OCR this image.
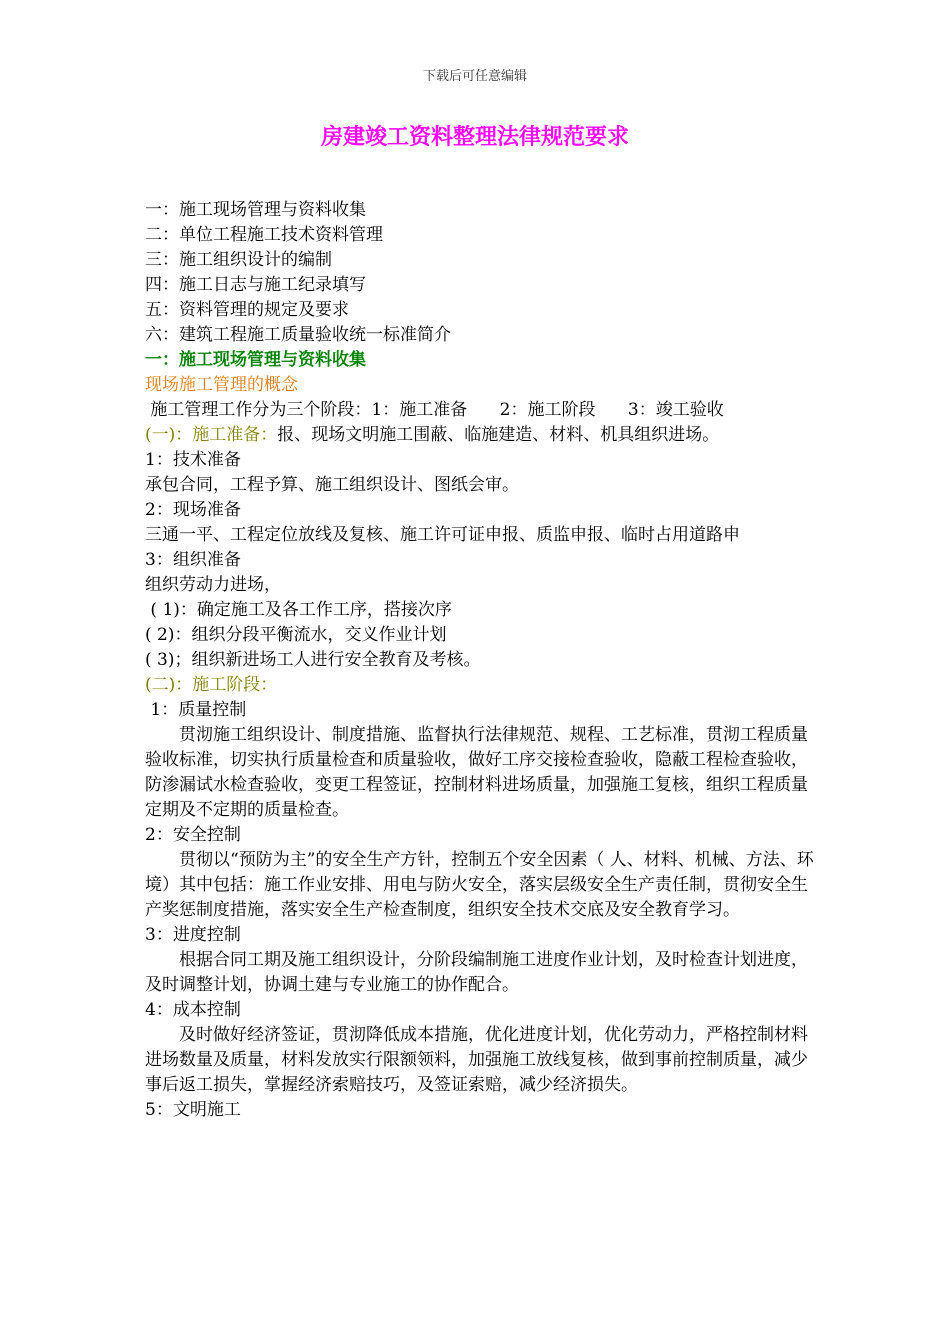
下载后可任意编辑
房建竣工资料整理法律规范要求
一：施工现场管理与资料收集
二：单位工程施工技术资料管理
三：施工组织设计的编制
四：施工日志与施工纪录填写
五：资料管理的规定及要求
六：建筑工程施工质量验收统一标准简介
一：施工现场管理与资料收集
现场施工管理的概念
施工管理工作分为三个阶段：1：施工准备      2：施工阶段      3：竣工验收
(一)：施工准备：报、现场文明施工围蔽、临施建造、材料、机具组织进场。
1：技术准备
承包合同，工程予算、施工组织设计、图纸会审。
2：现场准备
三通一平、工程定位放线及复核、施工许可证申报、质监申报、临时占用道路申
3：组织准备
组织劳动力进场，
( 1)：确定施工及各工作工序，搭接次序
( 2)：组织分段平衡流水，交义作业计划
( 3)；组织新进场工人进行安全教育及考核。
(二)：施工阶段：
1：质量控制
贯沏施工组织设计、制度措施、监督执行法律规范、规程、工艺标准，贯沏工程质量验收标准，切实执行质量检查和质量验收，做好工序交接检查验收，隐蔽工程检查验收，防渗漏试水检查验收，变更工程签证，控制材料进场质量，加强施工复核，组织工程质量定期及不定期的质量检查。
2：安全控制
贯彻以“预防为主”的安全生产方针，控制五个安全因素（ 人、材料、机械、方法、环境）其中包括：施工作业安排、用电与防火安全，落实层级安全生产责任制，贯彻安全生产奖惩制度措施，落实安全生产检查制度，组织安全技术交底及安全教育学习。
3：进度控制
根据合同工期及施工组织设计，分阶段编制施工进度作业计划，及时检查计划进度，及时调整计划，协调土建与专业施工的协作配合。
4：成本控制
及时做好经济签证，贯沏降低成本措施，优化进度计划，优化劳动力，严格控制材料进场数量及质量，材料发放实行限额领料，加强施工放线复核，做到事前控制质量，减少事后返工损失，掌握经济索赔技巧，及签证索赔，减少经济损失。
5：文明施工
